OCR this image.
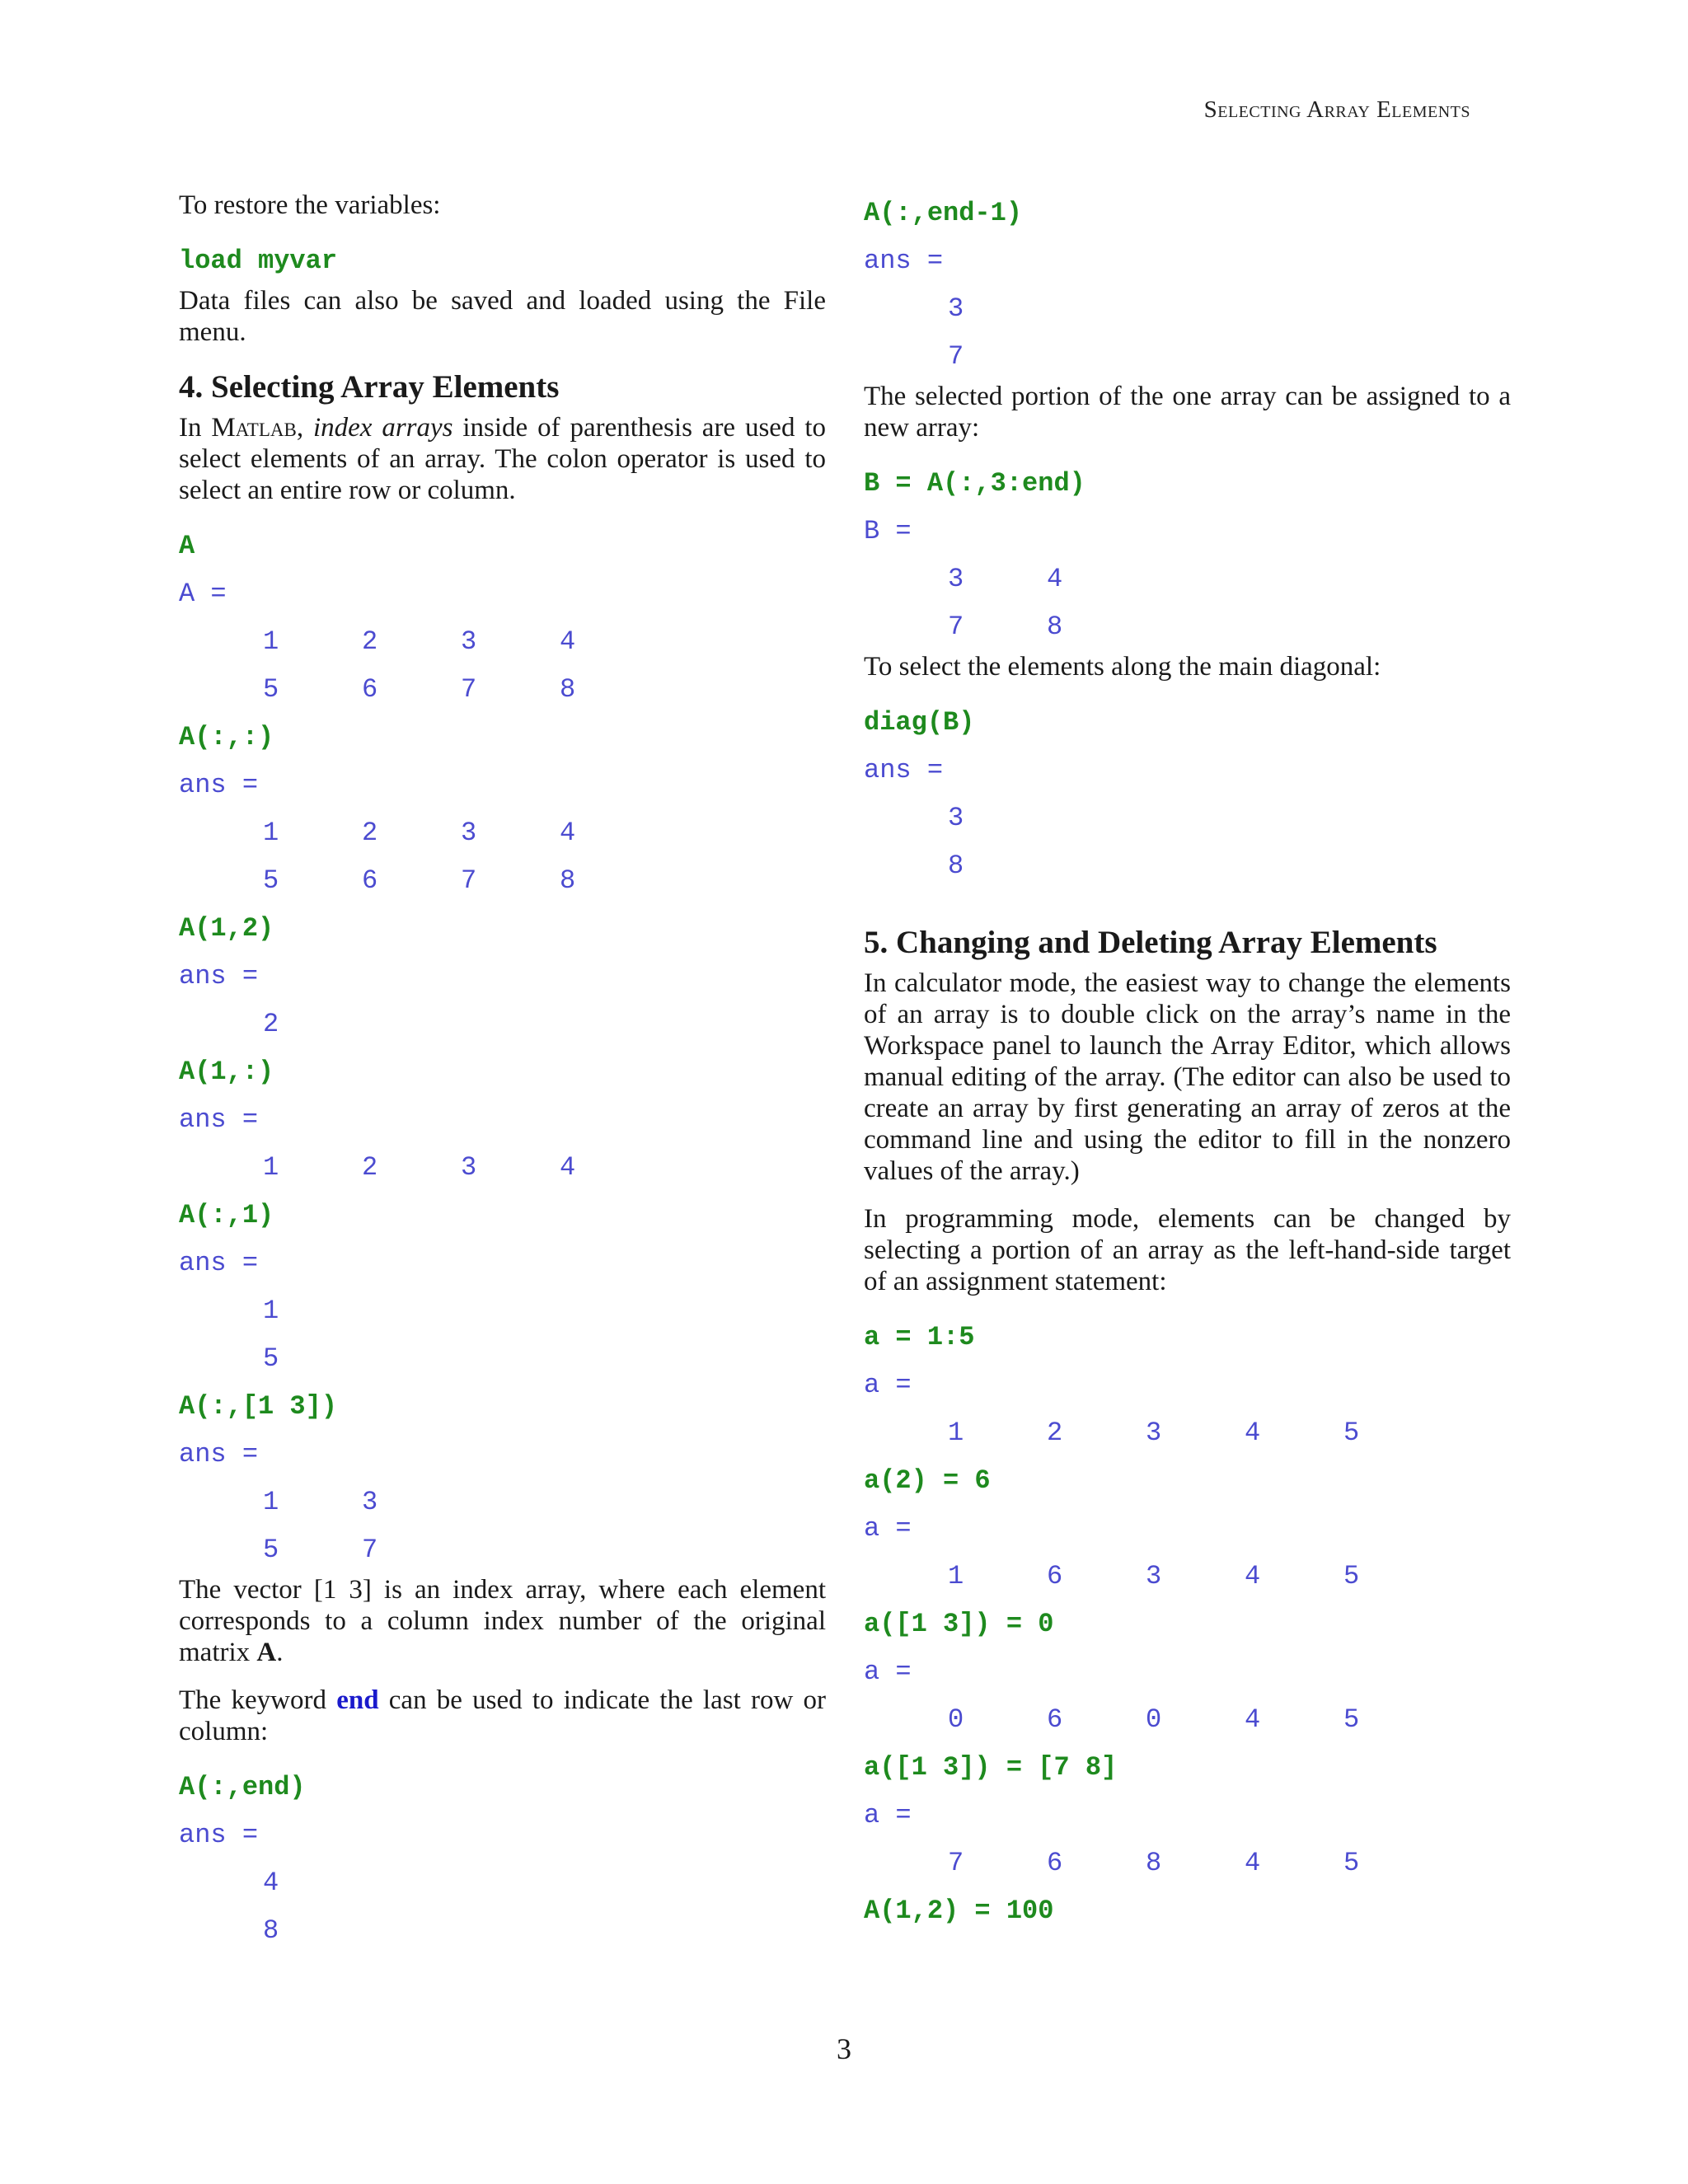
Selecting Array Elements

To restore the variables:

load myvar

Data files can also be saved and loaded using the File menu.

4. Selecting Array Elements

In Matlab, index arrays inside of parenthesis are used to select elements of an array. The colon operator is used to select an entire row or column.

A
A =
1	2	3	4
5	6	7	8
A(:,:)
ans =
1	2	3	4
5	6	7	8
A(1,2)
ans =
2
A(1,:)
ans =
1	2	3	4
A(:,1)
ans =
1
5
A(:,[1 3])
ans =
1	3
5	7

The vector [1 3] is an index array, where each element corresponds to a column index number of the original matrix A.

The keyword end can be used to indicate the last row or column:

A(:,end)
ans =
4
8
A(:,end-1)
ans =
3
7

The selected portion of the one array can be assigned to a new array:

B = A(:,3:end)
B =
3	4
7	8

To select the elements along the main diagonal:

diag(B)
ans =
3
8
5. Changing and Deleting Array Elements

In calculator mode, the easiest way to change the elements of an array is to double click on the array’s name in the Workspace panel to launch the Array Editor, which allows manual editing of the array. (The editor can also be used to create an array by first generating an array of zeros at the command line and using the editor to fill in the nonzero values of the array.)

In programming mode, elements can be changed by selecting a portion of an array as the left-hand-side target of an assignment statement:

a = 1:5
a =
1	2	3	4	5
a(2) = 6
a =
1	6	3	4	5
a([1 3]) = 0
a =
0	6	0	4	5
a([1 3]) = [7 8]
a =
7	6	8	4	5
A(1,2) = 100
3
